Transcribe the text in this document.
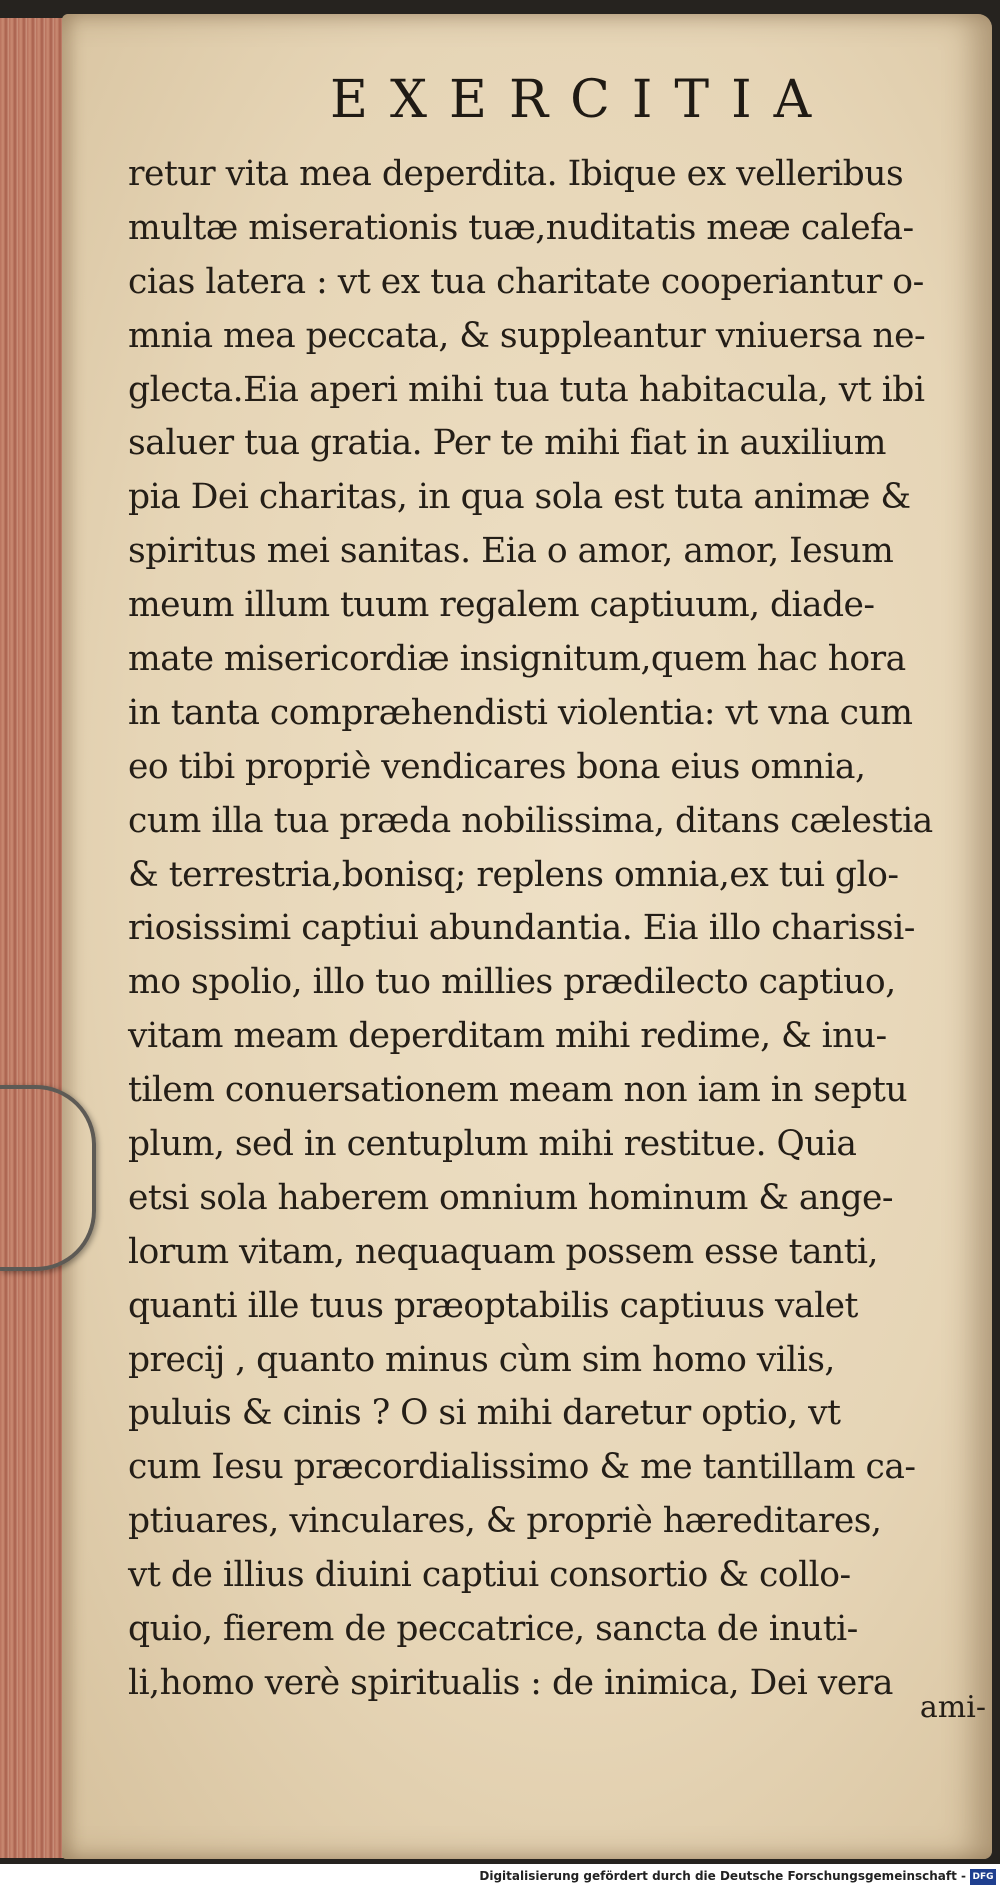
EXERCITIA

retur vita mea deperdita. Ibique ex velleribus

multæ miserationis tuæ,nuditatis meæ calefa-

cias latera : vt ex tua charitate cooperiantur o-

mnia mea peccata, & suppleantur vniuersa ne-

glecta.Eia aperi mihi tua tuta habitacula, vt ibi

saluer tua gratia. Per te mihi fiat in auxilium

pia Dei charitas, in qua sola est tuta animæ &

spiritus mei sanitas. Eia o amor, amor, Iesum

meum illum tuum regalem captiuum, diade-

mate misericordiæ insignitum,quem hac hora

in tanta comprӕhendisti violentia: vt vna cum

eo tibi propriè vendicares bona eius omnia,

cum illa tua præda nobilissima, ditans cælestia

& terrestria,bonisq; replens omnia,ex tui glo-

riosissimi captiui abundantia. Eia illo charissi-

mo spolio, illo tuo millies prædilecto captiuo,

vitam meam deperditam mihi redime, & inu-

tilem conuersationem meam non iam in septu

plum, sed in centuplum mihi restitue. Quia

etsi sola haberem omnium hominum & ange-

lorum vitam, nequaquam possem esse tanti,

quanti ille tuus præoptabilis captiuus valet

precij , quanto minus cùm sim homo vilis,

puluis & cinis ? O si mihi daretur optio, vt

cum Iesu præcordialissimo & me tantillam ca-

ptiuares, vinculares, & propriè hæreditares,

vt de illius diuini captiui consortio & collo-

quio, fierem de peccatrice, sancta de inuti-

li,homo verè spiritualis : de inimica, Dei vera

ami-
Digitalisierung gefördert durch die Deutsche Forschungsgemeinschaft - DFG
